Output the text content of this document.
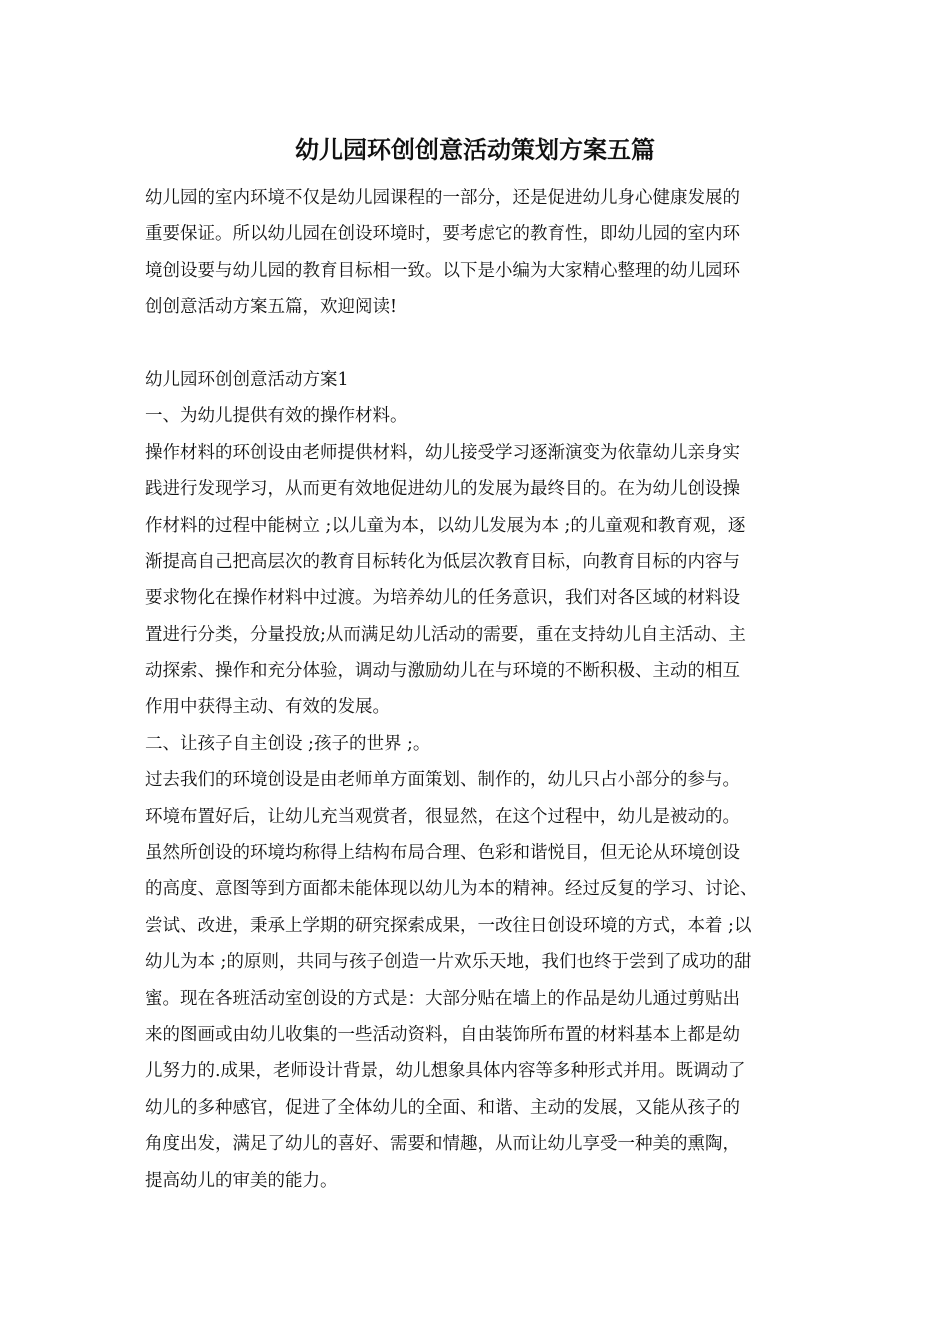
幼儿园环创创意活动策划方案五篇
幼儿园的室内环境不仅是幼儿园课程的一部分，还是促进幼儿身心健康发展的
重要保证。所以幼儿园在创设环境时，要考虑它的教育性，即幼儿园的室内环
境创设要与幼儿园的教育目标相一致。以下是小编为大家精心整理的幼儿园环
创创意活动方案五篇，欢迎阅读!
幼儿园环创创意活动方案1
一、为幼儿提供有效的操作材料。
操作材料的环创设由老师提供材料，幼儿接受学习逐渐演变为依靠幼儿亲身实
践进行发现学习，从而更有效地促进幼儿的发展为最终目的。在为幼儿创设操
作材料的过程中能树立 ;以儿童为本，以幼儿发展为本 ;的儿童观和教育观，逐
渐提高自己把高层次的教育目标转化为低层次教育目标，向教育目标的内容与
要求物化在操作材料中过渡。为培养幼儿的任务意识，我们对各区域的材料设
置进行分类，分量投放;从而满足幼儿活动的需要，重在支持幼儿自主活动、主
动探索、操作和充分体验，调动与激励幼儿在与环境的不断积极、主动的相互
作用中获得主动、有效的发展。
二、让孩子自主创设 ;孩子的世界 ;。
过去我们的环境创设是由老师单方面策划、制作的，幼儿只占小部分的参与。
环境布置好后，让幼儿充当观赏者，很显然，在这个过程中，幼儿是被动的。
虽然所创设的环境均称得上结构布局合理、色彩和谐悦目，但无论从环境创设
的高度、意图等到方面都未能体现以幼儿为本的精神。经过反复的学习、讨论、
尝试、改进，秉承上学期的研究探索成果，一改往日创设环境的方式，本着 ;以
幼儿为本 ;的原则，共同与孩子创造一片欢乐天地，我们也终于尝到了成功的甜
蜜。现在各班活动室创设的方式是：大部分贴在墙上的作品是幼儿通过剪贴出
来的图画或由幼儿收集的一些活动资料，自由装饰所布置的材料基本上都是幼
儿努力的.成果，老师设计背景，幼儿想象具体内容等多种形式并用。既调动了
幼儿的多种感官，促进了全体幼儿的全面、和谐、主动的发展，又能从孩子的
角度出发，满足了幼儿的喜好、需要和情趣，从而让幼儿享受一种美的熏陶，
提高幼儿的审美的能力。
